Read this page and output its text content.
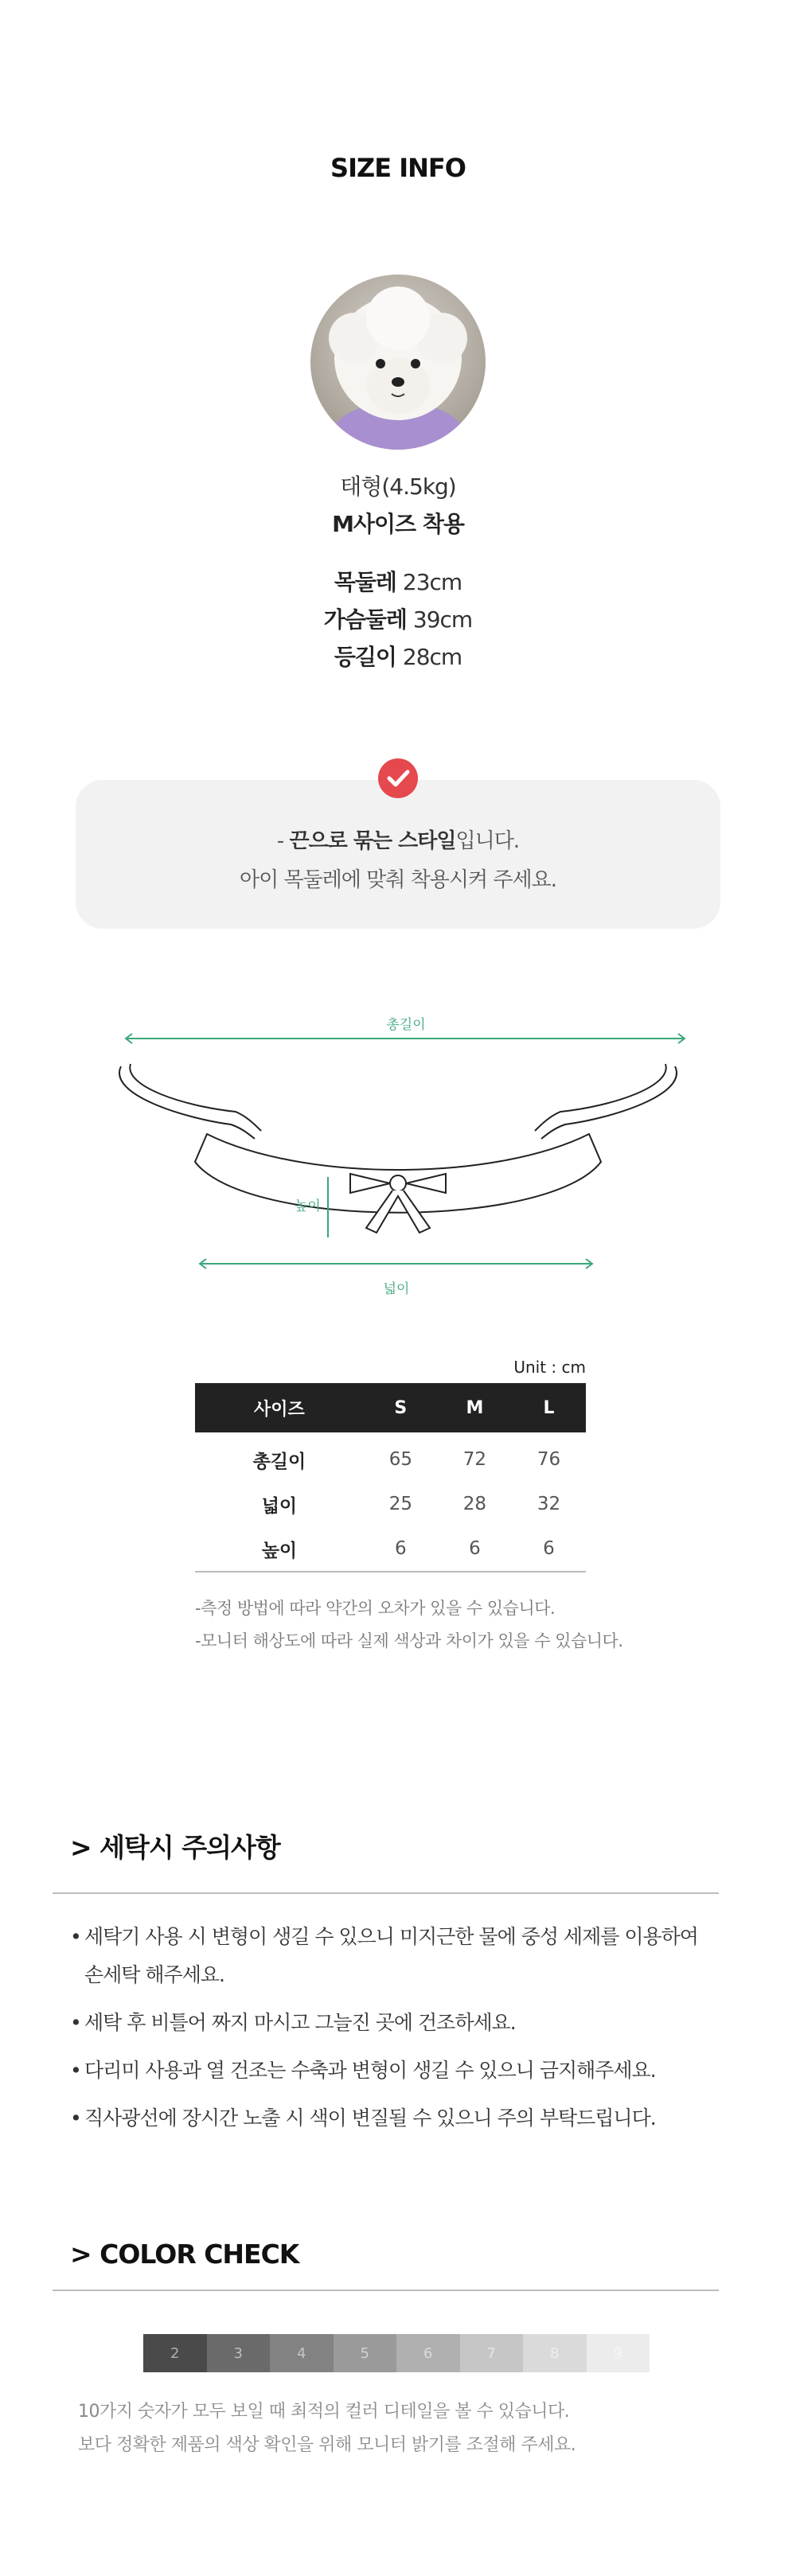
SIZE INFO
태형(4.5kg)
M사이즈 착용
목둘레 23cm
가슴둘레 39cm
등길이 28cm
- 끈으로 묶는 스타일입니다.
아이 목둘레에 맞춰 착용시켜 주세요.
총길이
높이
넓이
Unit : cm
사이즈	S	M	L
총길이	65	72	76
넓이	25	28	32
높이	6	6	6
-측정 방법에 따라 약간의 오차가 있을 수 있습니다.
-모니터 해상도에 따라 실제 색상과 차이가 있을 수 있습니다.
> 세탁시 주의사항
• 세탁기 사용 시 변형이 생길 수 있으니 미지근한 물에 중성 세제를 이용하여 손세탁 해주세요.
• 세탁 후 비틀어 짜지 마시고 그늘진 곳에 건조하세요.
• 다리미 사용과 열 건조는 수축과 변형이 생길 수 있으니 금지해주세요.
• 직사광선에 장시간 노출 시 색이 변질될 수 있으니 주의 부탁드립니다.
> COLOR CHECK
2	3	4	5	6	7	8	9
10가지 숫자가 모두 보일 때 최적의 컬러 디테일을 볼 수 있습니다.
보다 정확한 제품의 색상 확인을 위해 모니터 밝기를 조절해 주세요.
